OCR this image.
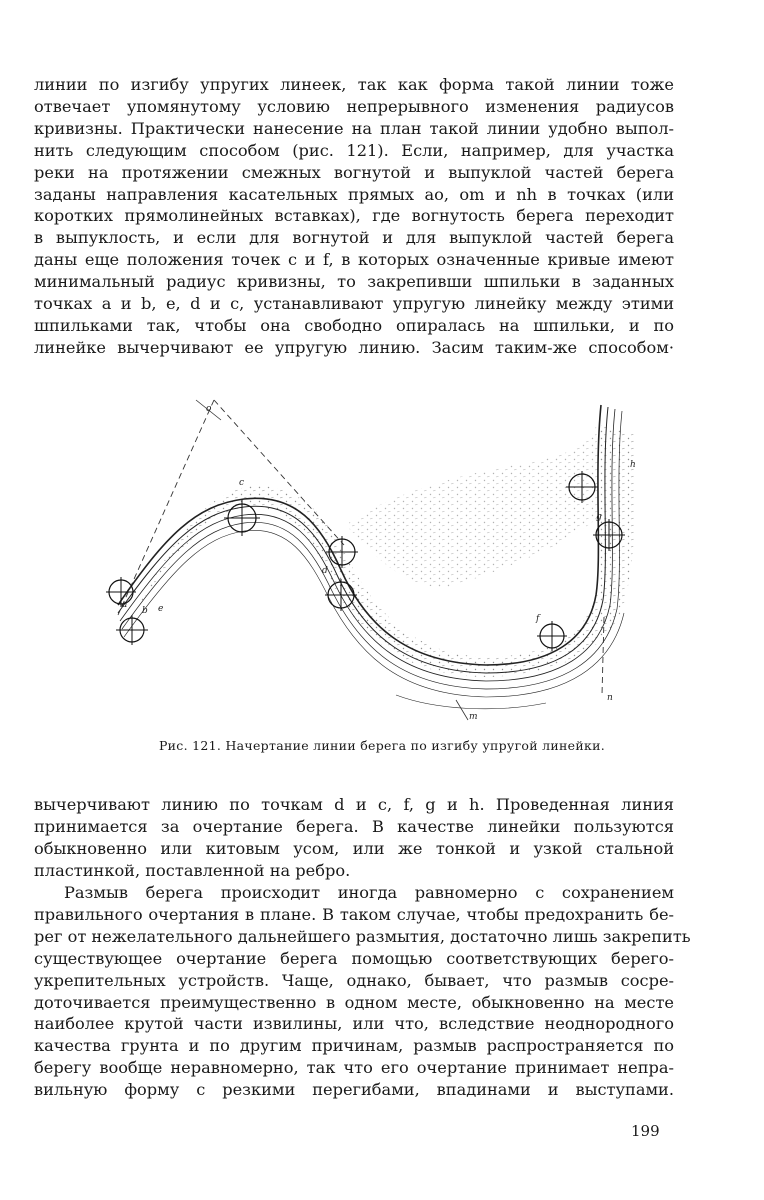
линии по изгибу упругих линеек, так как форма такой линии тоже
отвечает упомянутому условию непрерывного изменения радиусов
кривизны. Практически нанесение на план такой линии удобно выпол-
нить следующим способом (рис. 121). Если, например, для участка
реки на протяжении смежных вогнутой и выпуклой частей берега
заданы направления касательных прямых ao, om и nh в точках (или
коротких прямолинейных вставках), где вогнутость берега переходит
в выпуклость, и если для вогнутой и для выпуклой частей берега
даны еще положения точек c и f, в которых означенные кривые имеют
минимальный радиус кривизны, то закрепивши шпильки в заданных
точках a и b, e, d и c, устанавливают упругую линейку между этими
шпильками так, чтобы она свободно опиралась на шпильки, и по
линейке вычерчивают ее упругую линию. Засим таким-же способом·
o
c
a
b e
d
f
g
h
n
m
Рис. 121. Начертание линии берега по изгибу упругой линейки.
вычерчивают линию по точкам d и c, f, g и h. Проведенная линия
принимается за очертание берега. В качестве линейки пользуются
обыкновенно или китовым усом, или же тонкой и узкой стальной
пластинкой, поставленной на ребро.
Размыв берега происходит иногда равномерно с сохранением
правильного очертания в плане. В таком случае, чтобы предохранить бе-
рег от нежелательного дальнейшего размытия, достаточно лишь закрепить
существующее очертание берега помощью соответствующих берего-
укрепительных устройств. Чаще, однако, бывает, что размыв сосре-
доточивается преимущественно в одном месте, обыкновенно на месте
наиболее крутой части извилины, или что, вследствие неоднородного
качества грунта и по другим причинам, размыв распространяется по
берегу вообще неравномерно, так что его очертание принимает непра-
вильную форму с резкими перегибами, впадинами и выступами.
199
